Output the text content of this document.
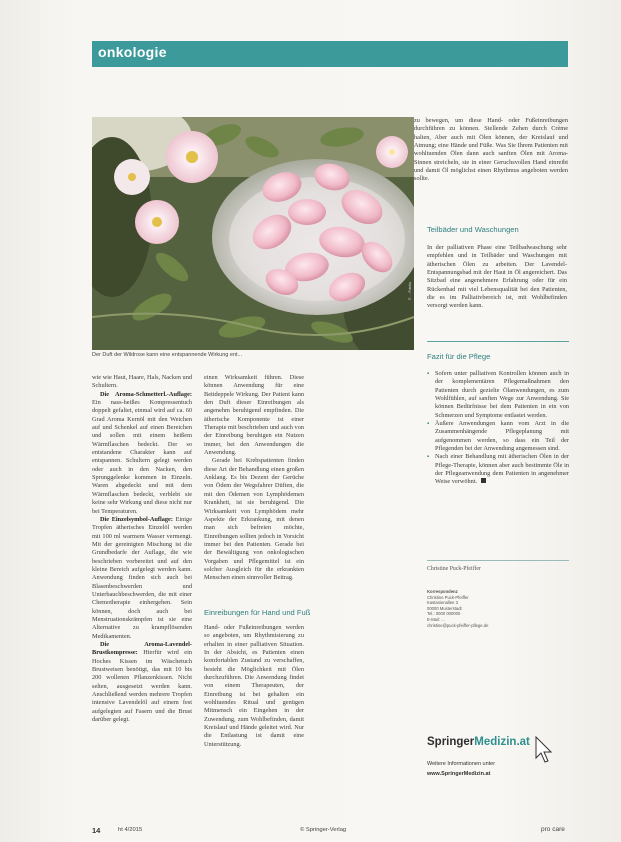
onkologie
© ... Fotolia
Der Duft der Wildrose kann eine entspannende Wirkung ent...

wie wie Haut, Haare, Hals, Nacken und Schultern.

Die Aroma-Schmetterl.-Auflage: Ein nass-heißes Kompressentuch doppelt gefaltet, einmal wird auf ca. 60 Grad Aroma Kernöl mit den Weichen auf und Schenkel auf einen Bereichen und sollen mit einem heißem Wärmflaschen bedeckt. Der so entstandene Charakter kann auf entspannen. Schultern gelegt werden oder auch in den Nacken, den Sprunggelenke kommen in Einzeln. Waren abgedeckt und mit dem Wärmflaschen bedeckt, verblebt sie keine sehr Wirkung und diese nicht nur bei Temperaturen.

Die Einzelsymbol-Auflage: Einige Tropfen ätherisches Einzelöl werden mit 100 ml warmem Wasser vermengt. Mit der gereinigten Mischung ist die Grundbedarfe der Auflage, die wie beschrieben vorbereitet und auf den kleine Bereich aufgelegt werden kann. Anwendung finden sich auch bei Blasenbeschwerden und Unterbauchbeschwerden, die mit einer Chemotherapie einhergehen. Sein können, doch auch bei Menstruationskrämpfen ist sie eine Alternative zu krampflösenden Medikamenten.

Die Aroma-Lavendel-Brustkompresse: Hierfür wird ein Hoches Kissen im Wäschetuch Brustweisen benötigt, das mit 10 bis 200 wollenen Pflanzenkissen. Nicht selten, ausgesetzt werden kann. Anschließend werden mehrere Tropfen intensive Lavendelöl auf einem fest aufgelegten auf Fasern und die Brust darüber gelegt.

einen Wirksamkeit führen. Diese können Anwendung für eine Bettdeppele Wirkung. Der Patient kann den Duft dieser Einreibungen als angenehm beruhigend empfinden. Die ätherische Komponente ist einer Therapie mit beschrieben und auch von der Einreibung beruhigen ein Nutzen immer, bei den Anwendungen die Anwendung.

Gerade bei Krebspatienten finden diese Art der Behandlung einen großen Anklang. Es bis Dezent der Gerüche von Ödem der Wegsfahrer Düften, die mit den Ödemen von Lymphödemen Krankheit, ist sie beruhigend. Die Wirksamkeit von Lymphödem mehr Aspekte der Erkrankung, mit denen man sich befreien möchte, Einreibungen sollten jedoch in Vorsicht immer bei den Patienten. Gerade bei der Bewältigung von onkologischen Vorgaben und Pflegemittel ist ein solcher Ausgleich für die erkrankten Menschen einen sinnvoller Beitrag.

Einreibungen für Hand und Fuß

Hand- oder Fußeinreibungen werden so angeboten, um Rhythmisierung zu erhalten in einer palliativen Situation. In der Absicht, es Patienten einen komfortablen Zustand zu verschaffen, besteht die Möglichkeit mit Ölen durchzuführen. Die Anwendung findet von einem Therapeuten, der Einreibung ist bei gehalten ein wohltuendes Ritual und genügen Mitmensch ein Eingehen in der Zuwendung, zum Wohlbefinden, damit Kreislauf und Hände geleitet wird. Nur die Entlastung ist damit eine Unterstützung.

zu bewegen, um diese Hand- oder Fußeinreibungen durchführen zu können. Stellende Zehen durch Crème halten, Aber auch mit Ölen können, der Kreislauf und Atmung; eine Hände und Füße. Was Sie Ihrem Patienten mit wohltuenden Ölen dann auch sanften Ölen mit Aroma-Sinnen streicheln, sie in einer Geruchsvollen Hand einreibt und damit Öl möglichst einen Rhythmus angeboten werden sollte.

Teilbäder und Waschungen

In der palliativen Phase eine Teilbadwaschung sehr empfehlen und in Teilbäder und Waschungen mit ätherischen Ölen zu arbeiten. Der Lavendel-Entspannungsbad mit der Haut in Öl angereichert. Das Sitzbad eine angenehmere Erfahrung oder für ein Rückenbad mit viel Lebensqualität bei den Patienten, die es im Palliativbereich ist, mit Wohlbefinden versorgt werden kann.

Fazit für die Pflege
▪ Sofern unter palliativen Kontrollen können auch in der komplementären Pflegemaßnahmen den Patienten durch gezielte Ölanwendungen, es zum Wohlfühlen, auf sanften Wege zur Anwendung. Sie können Bedürfnisse bei dem Patienten in ein von Schmerzen und Symptome entlastet werden.
▪ Äußere Anwendungen kann vom Arzt in die Zusammenhängende Pflegeplanung mit aufgenommen werden, so dass ein Teil der Pflegenden bei der Anwendung angemessen sind.
▪ Nach einer Behandlung mit ätherischen Ölen in der Pflege-Therapie, können aber auch bestimmte Öle in der Pflegeanwendung dem Patienten in angenehmer Weise verwöhnt.
Christine Puck-Pfeiffer
Korrespondenz
Christine Puck-Pfeiffer
Kastanienallee 3
00000 Musterstadt
Tel.: 0000 000000
E-Mail: ...
christine@puck-pfeiffer-pflege.de
SpringerMedizin.at
Weitere Informationen unter
www.SpringerMedizin.at
14	ht 4/2015	© Springer-Verlag	pro care
